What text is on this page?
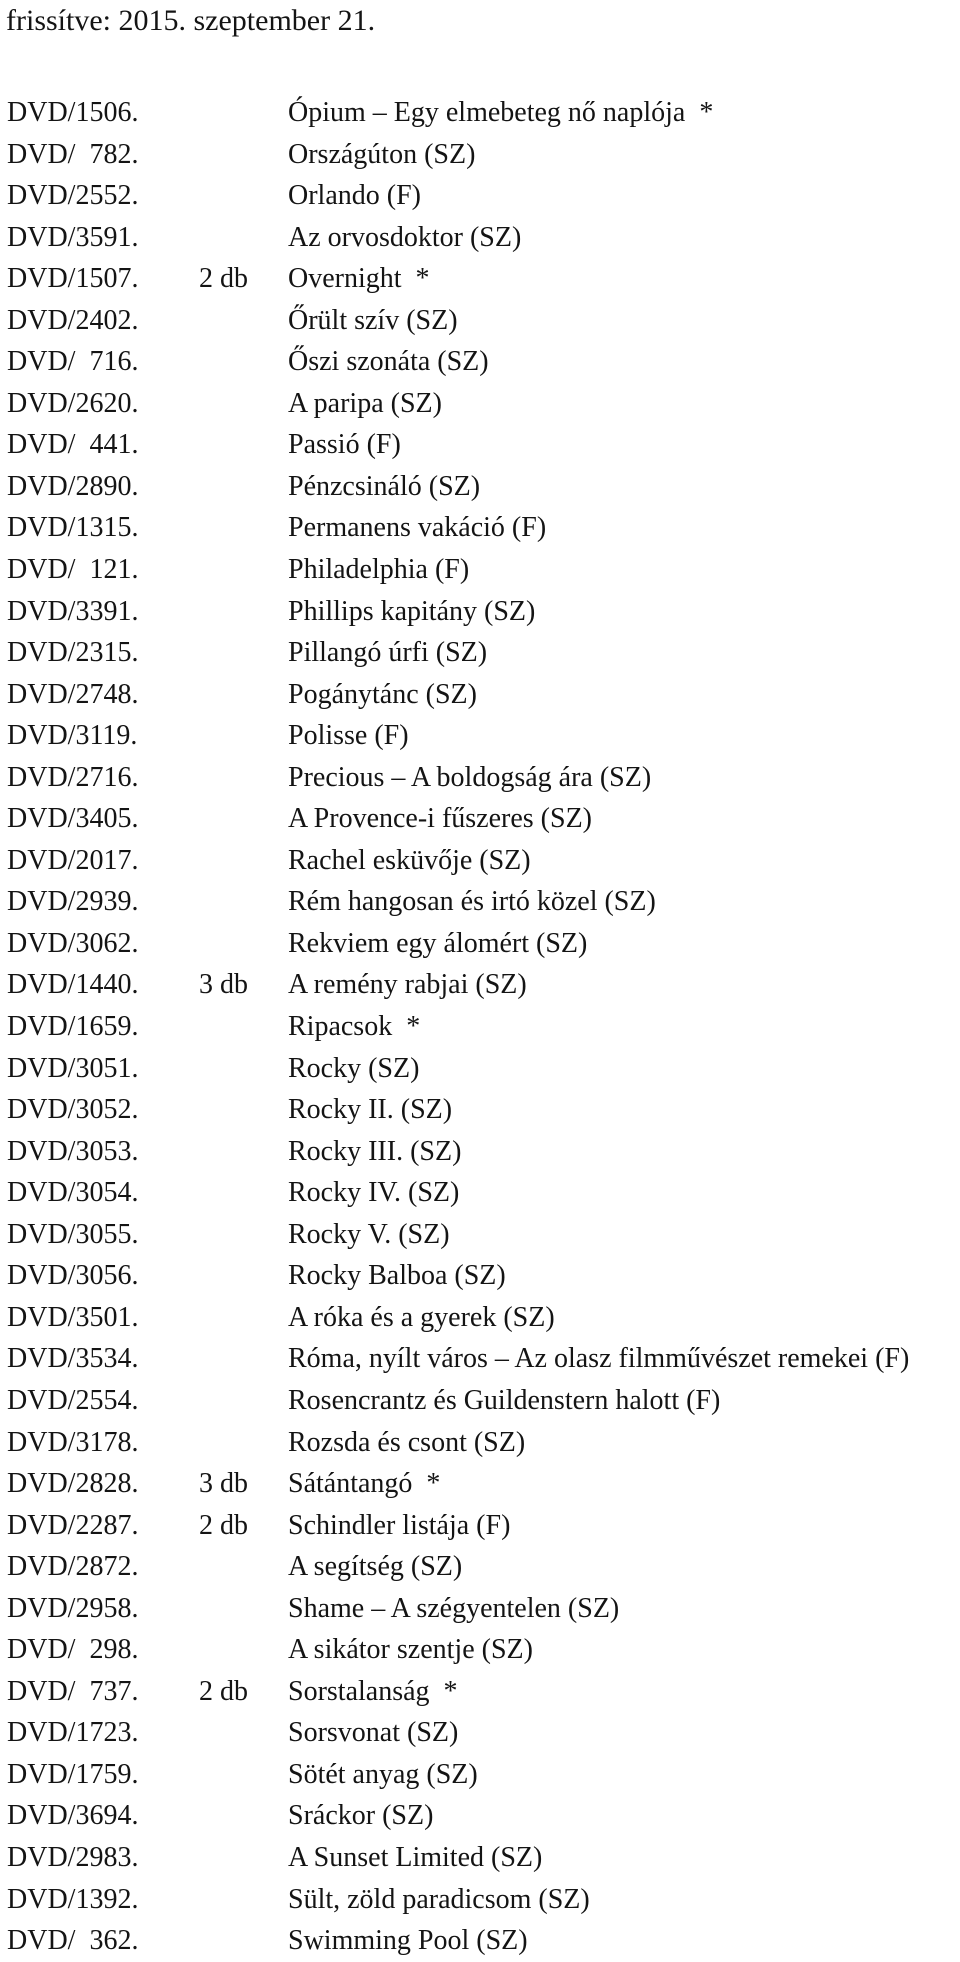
frissítve: 2015. szeptember 21.
DVD/1506.	Ópium – Egy elmebeteg nő naplója  *
DVD/  782.	Országúton (SZ)
DVD/2552.	Orlando (F)
DVD/3591.	Az orvosdoktor (SZ)
DVD/1507. 2 db Overnight  *
DVD/2402.	Őrült szív (SZ)
DVD/  716.	Őszi szonáta (SZ)
DVD/2620.	A paripa (SZ)
DVD/  441.	Passió (F)
DVD/2890.	Pénzcsináló (SZ)
DVD/1315.	Permanens vakáció (F)
DVD/  121.	Philadelphia (F)
DVD/3391.	Phillips kapitány (SZ)
DVD/2315.	Pillangó úrfi (SZ)
DVD/2748.	Pogánytánc (SZ)
DVD/3119.	Polisse (F)
DVD/2716.	Precious – A boldogság ára (SZ)
DVD/3405.	A Provence-i fűszeres (SZ)
DVD/2017.	Rachel esküvője (SZ)
DVD/2939.	Rém hangosan és irtó közel (SZ)
DVD/3062.	Rekviem egy álomért (SZ)
DVD/1440. 3 db A remény rabjai (SZ)
DVD/1659.	Ripacsok  *
DVD/3051.	Rocky (SZ)
DVD/3052.	Rocky II. (SZ)
DVD/3053.	Rocky III. (SZ)
DVD/3054.	Rocky IV. (SZ)
DVD/3055.	Rocky V. (SZ)
DVD/3056.	Rocky Balboa (SZ)
DVD/3501.	A róka és a gyerek (SZ)
DVD/3534.	Róma, nyílt város – Az olasz filmművészet remekei (F)
DVD/2554.	Rosencrantz és Guildenstern halott (F)
DVD/3178.	Rozsda és csont (SZ)
DVD/2828. 3 db Sátántangó  *
DVD/2287. 2 db Schindler listája (F)
DVD/2872.	A segítség (SZ)
DVD/2958.	Shame – A szégyentelen (SZ)
DVD/  298.	A sikátor szentje (SZ)
DVD/  737. 2 db Sorstalanság  *
DVD/1723.	Sorsvonat (SZ)
DVD/1759.	Sötét anyag (SZ)
DVD/3694.	Sráckor (SZ)
DVD/2983.	A Sunset Limited (SZ)
DVD/1392.	Sült, zöld paradicsom (SZ)
DVD/  362.	Swimming Pool (SZ)
